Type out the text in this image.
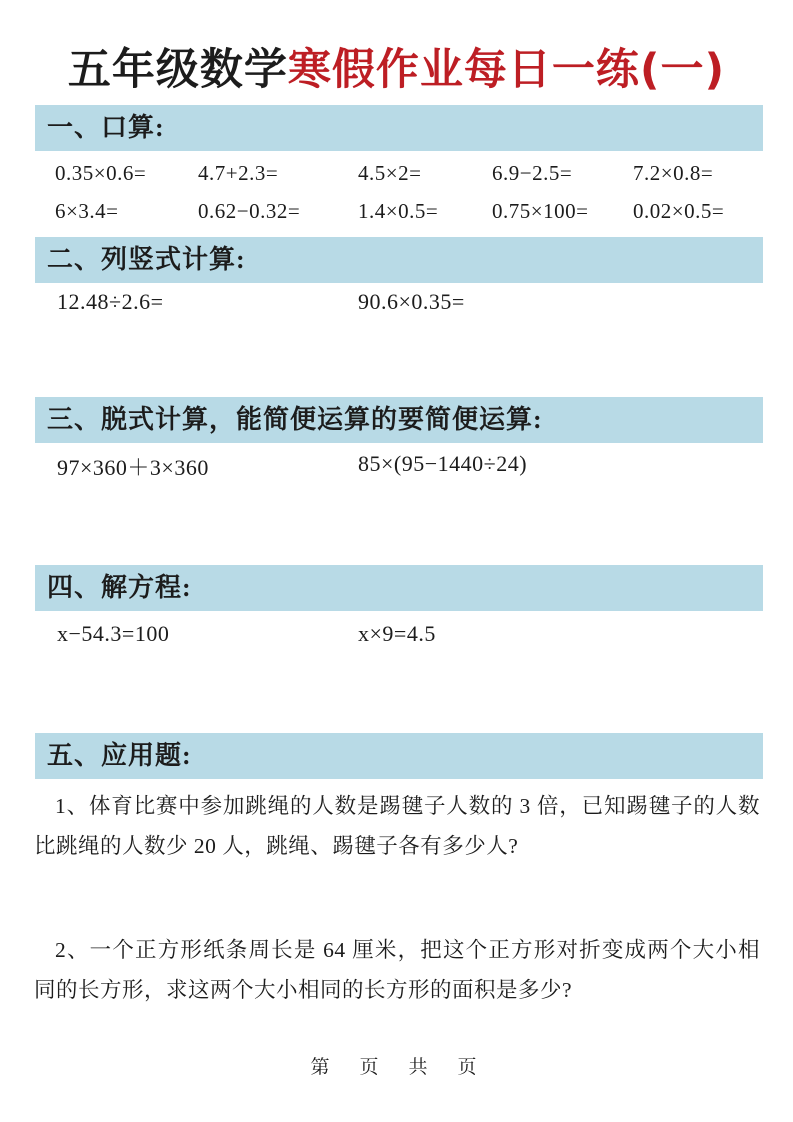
五年级数学寒假作业每日一练(一)
一、口算:
0.35×0.6= 4.7+2.3=	4.5×2=	6.9−2.5=	7.2×0.8=
6×3.4=	0.62−0.32=	1.4×0.5=	0.75×100= 0.02×0.5=
二、列竖式计算:
12.48÷2.6=	90.6×0.35=
三、脱式计算，能简便运算的要简便运算:
97×360＋3×360	85×(95−1440÷24)
四、解方程:
x−54.3=100	x×9=4.5
五、应用题:

1、体育比赛中参加跳绳的人数是踢毽子人数的 3 倍，已知踢毽子的人数比跳绳的人数少 20 人，跳绳、踢毽子各有多少人?

2、一个正方形纸条周长是 64 厘米，把这个正方形对折变成两个大小相同的长方形，求这两个大小相同的长方形的面积是多少?

第 页 共 页
